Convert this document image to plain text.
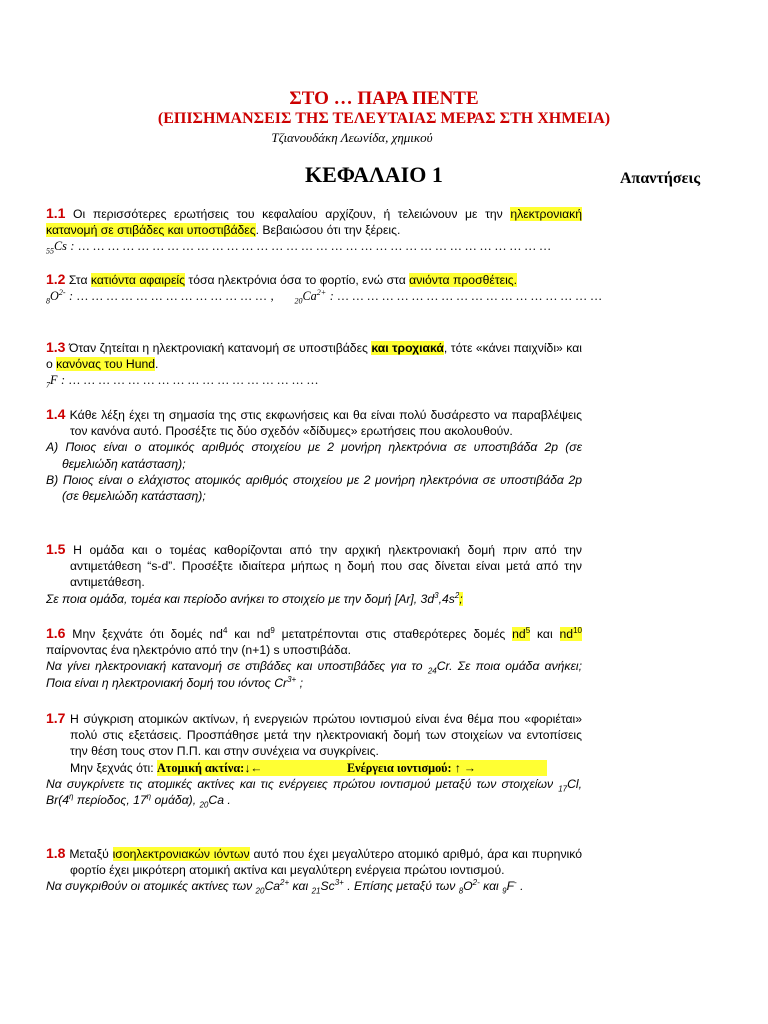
ΣΤΟ … ΠΑΡΑ ΠΕΝΤΕ
(ΕΠΙΣΗΜΑΝΣΕΙΣ ΤΗΣ ΤΕΛΕΥΤΑΙΑΣ ΜΕΡΑΣ ΣΤΗ ΧΗΜΕΙΑ)
Τζιανουδάκη Λεωνίδα, χημικού
ΚΕΦΑΛΑΙΟ 1	Απαντήσεις
1.1 Οι περισσότερες ερωτήσεις του κεφαλαίου αρχίζουν, ή τελειώνουν με την ηλεκτρονιακή κατανομή σε στιβάδες και υποστιβάδες. Βεβαιώσου ότι την ξέρεις.
$_{55}$Cs : … … … … … … … … … … … … … … … … … … … … … … … … … … … … … … … …
1.2 Στα κατιόντα αφαιρείς τόσα ηλεκτρόνια όσα το φορτίο, ενώ στα ανιόντα προσθέτεις.
$_8O^{2-}$ : … … … … … … … … … … … … … ,	$_{20}Ca^{2+}$ : … … … … … … … … … … … … … … … … … …
1.3 Όταν ζητείται η ηλεκτρονιακή κατανομή σε υποστιβάδες και τροχιακά, τότε «κάνει παιχνίδι» και ο κανόνας του Hund.
$_7$F : … … … … … … … … … … … … … … … … …
1.4 Κάθε λέξη έχει τη σημασία της στις εκφωνήσεις και θα είναι πολύ δυσάρεστο να παραβλέψεις τον κανόνα αυτό. Προσέξτε τις δύο σχεδόν «δίδυμες» ερωτήσεις που ακολουθούν.
A) Ποιος είναι ο ατομικός αριθμός στοιχείου με 2 μονήρη ηλεκτρόνια σε υποστιβάδα 2p (σε θεμελιώδη κατάσταση);
B) Ποιος είναι ο ελάχιστος ατομικός αριθμός στοιχείου με 2 μονήρη ηλεκτρόνια σε υποστιβάδα 2p (σε θεμελιώδη κατάσταση);
1.5 Η ομάδα και ο τομέας καθορίζονται από την αρχική ηλεκτρονιακή δομή πριν από την αντιμετάθεση “s-d”. Προσέξτε ιδιαίτερα μήπως η δομή που σας δίνεται είναι μετά από την αντιμετάθεση.
Σε ποια ομάδα, τομέα και περίοδο ανήκει το στοιχείο με την δομή [Ar], $3d^3,4s^2$;
1.6 Μην ξεχνάτε ότι δομές $nd^4$ και $nd^9$ μετατρέπονται στις σταθερότερες δομές $nd^5$ και $nd^{10}$ παίρνοντας ένα ηλεκτρόνιο από την (n+1) s υποστιβάδα.
Να γίνει ηλεκτρονιακή κατανομή σε στιβάδες και υποστιβάδες για το $_{24}$Cr. Σε ποια ομάδα ανήκει; Ποια είναι η ηλεκτρονιακή δομή του ιόντος $Cr^{3+}$ ;
1.7 Η σύγκριση ατομικών ακτίνων, ή ενεργειών πρώτου ιοντισμού είναι ένα θέμα που «φοριέται» πολύ στις εξετάσεις. Προσπάθησε μετά την ηλεκτρονιακή δομή των στοιχείων να εντοπίσεις την θέση τους στον Π.Π. και στην συνέχεια να συγκρίνεις.
Μην ξεχνάς ότι: Ατομική ακτίνα:↓←	Ενέργεια ιοντισμού: ↑ →
Να συγκρίνετε τις ατομικές ακτίνες και τις ενέργειες πρώτου ιοντισμού μεταξύ των στοιχείων $_{17}$Cl, $Br(4^\eta$ περίοδος, $17^\eta$ ομάδα), $_{20}$Ca .
1.8 Μεταξύ ισοηλεκτρονιακών ιόντων αυτό που έχει μεγαλύτερο ατομικό αριθμό, άρα και πυρηνικό φορτίο έχει μικρότερη ατομική ακτίνα και μεγαλύτερη ενέργεια πρώτου ιοντισμού.
Να συγκριθούν οι ατομικές ακτίνες των $_{20}Ca^{2+}$ και $_{21}Sc^{3+}$ . Επίσης μεταξύ των $_8O^{2-}$ και $_9$F- .
